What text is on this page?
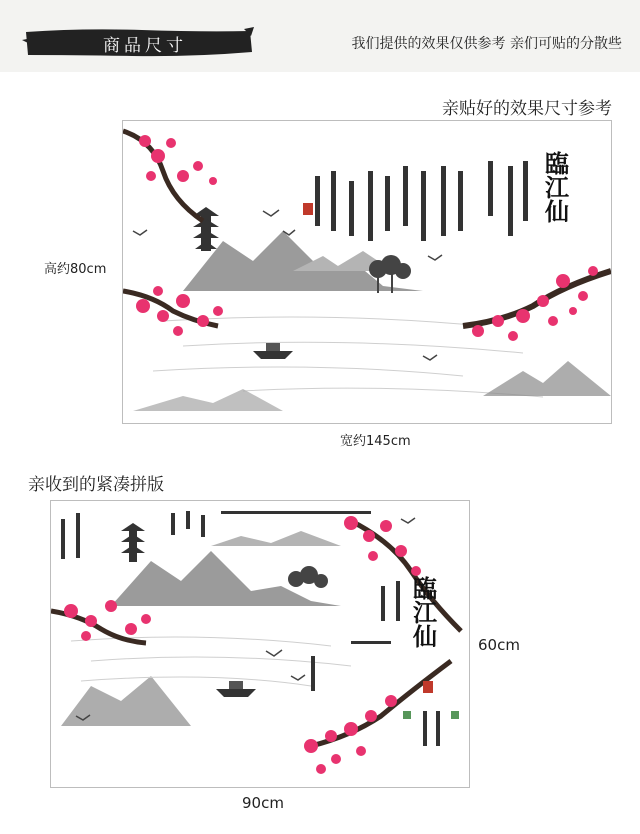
商品尺寸	我们提供的效果仅供参考 亲们可贴的分散些
亲贴好的效果尺寸参考
臨江仙
高约80cm
宽约145cm
亲收到的紧凑拼版
臨江仙	60cm
90cm
